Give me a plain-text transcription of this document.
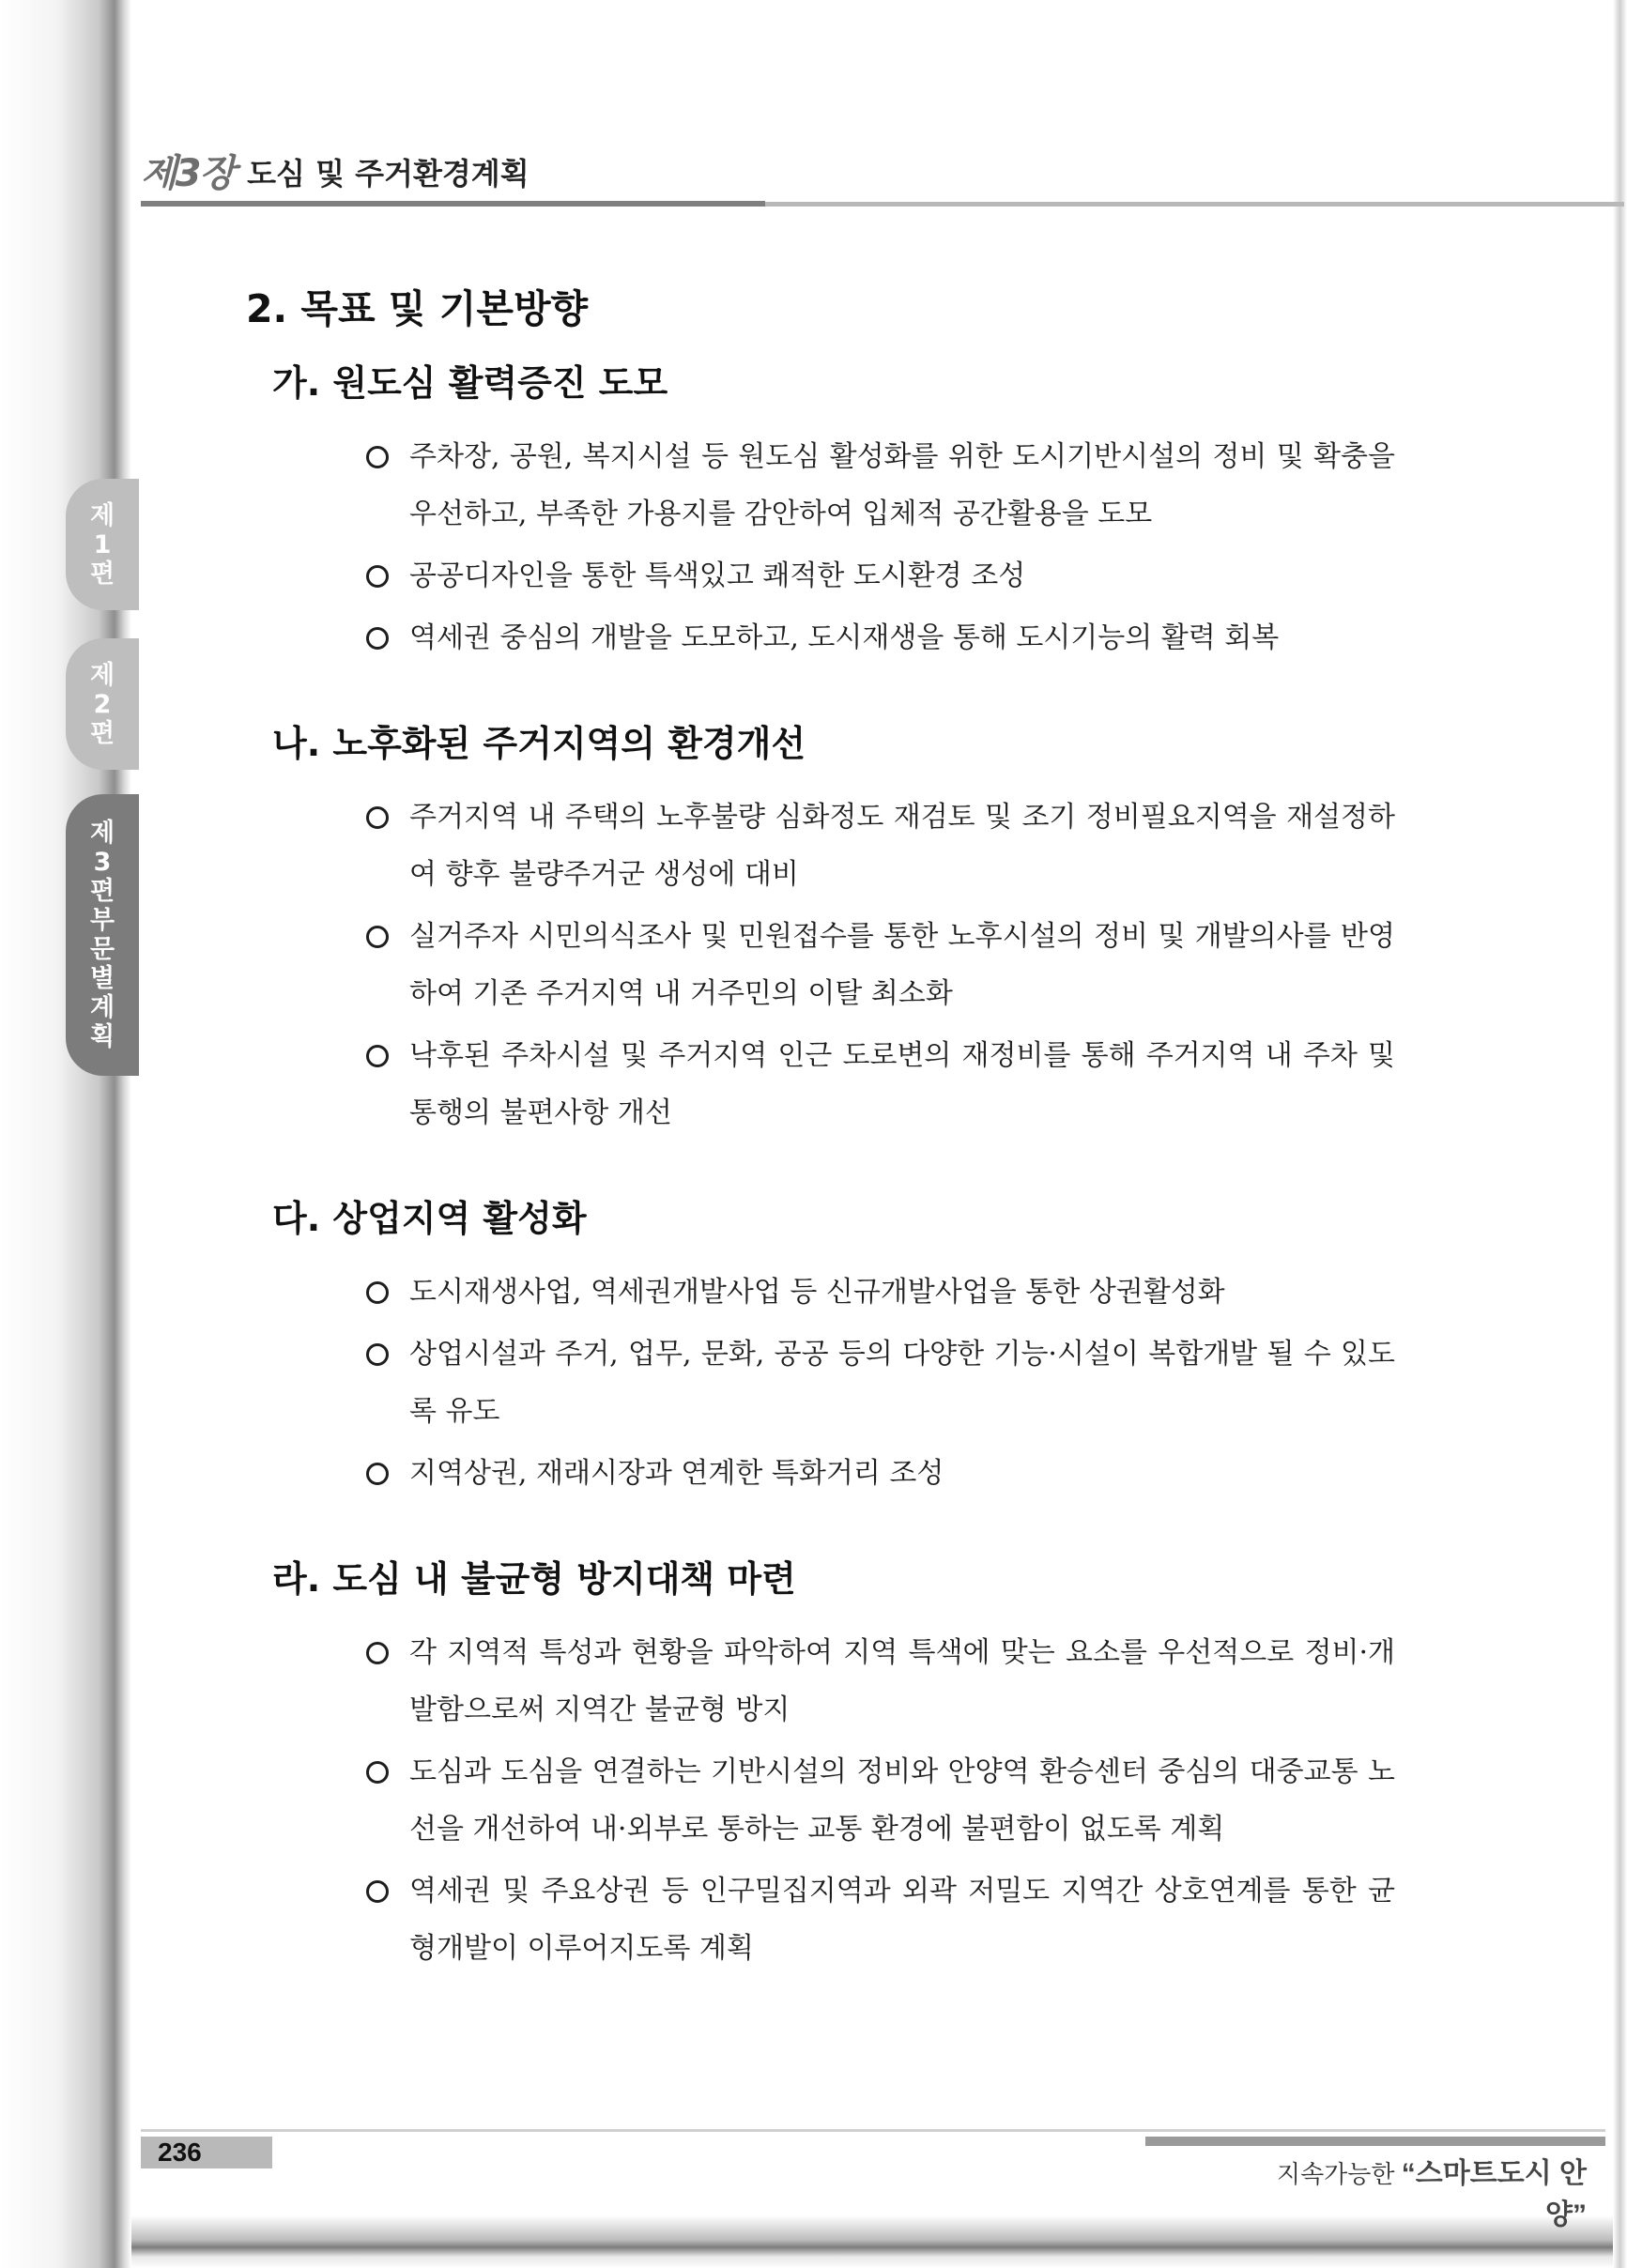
제3장 도심 및 주거환경계획
제
1
편
제
2
편
제
3
편
부
문
별
계
획
2. 목표 및 기본방향
가. 원도심 활력증진 도모
주차장, 공원, 복지시설 등 원도심 활성화를 위한 도시기반시설의 정비 및 확충을 우선하고, 부족한 가용지를 감안하여 입체적 공간활용을 도모
공공디자인을 통한 특색있고 쾌적한 도시환경 조성
역세권 중심의 개발을 도모하고, 도시재생을 통해 도시기능의 활력 회복
나. 노후화된 주거지역의 환경개선
주거지역 내 주택의 노후불량 심화정도 재검토 및 조기 정비필요지역을 재설정하여 향후 불량주거군 생성에 대비
실거주자 시민의식조사 및 민원접수를 통한 노후시설의 정비 및 개발의사를 반영하여 기존 주거지역 내 거주민의 이탈 최소화
낙후된 주차시설 및 주거지역 인근 도로변의 재정비를 통해 주거지역 내 주차 및 통행의 불편사항 개선
다. 상업지역 활성화
도시재생사업, 역세권개발사업 등 신규개발사업을 통한 상권활성화
상업시설과 주거, 업무, 문화, 공공 등의 다양한 기능·시설이 복합개발 될 수 있도록 유도
지역상권, 재래시장과 연계한 특화거리 조성
라. 도심 내 불균형 방지대책 마련
각 지역적 특성과 현황을 파악하여 지역 특색에 맞는 요소를 우선적으로 정비·개발함으로써 지역간 불균형 방지
도심과 도심을 연결하는 기반시설의 정비와 안양역 환승센터 중심의 대중교통 노선을 개선하여 내·외부로 통하는 교통 환경에 불편함이 없도록 계획
역세권 및 주요상권 등 인구밀집지역과 외곽 저밀도 지역간 상호연계를 통한 균형개발이 이루어지도록 계획
236
지속가능한 “스마트도시 안양”
